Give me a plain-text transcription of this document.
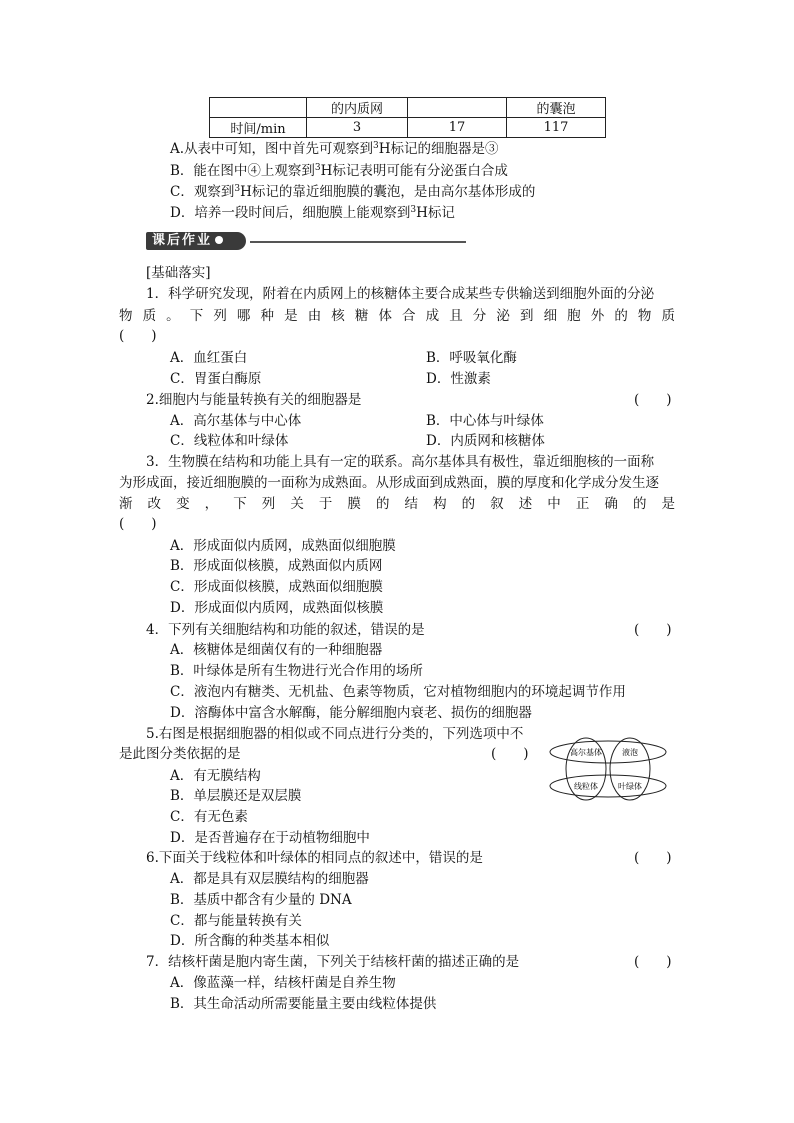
	的内质网		的囊泡
时间/min	3	17	117
A.从表中可知，图中首先可观察到$^3$H标记的细胞器是③
B．能在图中④上观察到$^3$H标记表明可能有分泌蛋白合成
C．观察到$^3$H标记的靠近细胞膜的囊泡，是由高尔基体形成的
D．培养一段时间后，细胞膜上能观察到$^3$H标记
课后作业
[基础落实]
1．科学研究发现，附着在内质网上的核糖体主要合成某些专供输送到细胞外面的分泌
物质。下列哪种是由核糖体合成且分泌到细胞外的物质
(　　)
A．血红蛋白	B．呼吸氧化酶
C．胃蛋白酶原	D．性激素
2.细胞内与能量转换有关的细胞器是	(　　)
A．高尔基体与中心体	B．中心体与叶绿体
C．线粒体和叶绿体	D．内质网和核糖体
3．生物膜在结构和功能上具有一定的联系。高尔基体具有极性，靠近细胞核的一面称
为形成面，接近细胞膜的一面称为成熟面。从形成面到成熟面，膜的厚度和化学成分发生逐
渐改变，下列关于膜的结构的叙述中正确的是
(　　)
A．形成面似内质网，成熟面似细胞膜
B．形成面似核膜，成熟面似内质网
C．形成面似核膜，成熟面似细胞膜
D．形成面似内质网，成熟面似核膜
4．下列有关细胞结构和功能的叙述，错误的是	(　　)
A．核糖体是细菌仅有的一种细胞器
B．叶绿体是所有生物进行光合作用的场所
C．液泡内有糖类、无机盐、色素等物质，它对植物细胞内的环境起调节作用
D．溶酶体中富含水解酶，能分解细胞内衰老、损伤的细胞器
5.右图是根据细胞器的相似或不同点进行分类的，下列选项中不
是此图分类依据的是	(　　)
A．有无膜结构
B．单层膜还是双层膜
C．有无色素
D．是否普遍存在于动植物细胞中
高尔基体	液泡
线粒体	叶绿体
6.下面关于线粒体和叶绿体的相同点的叙述中，错误的是	(　　)
A．都是具有双层膜结构的细胞器
B．基质中都含有少量的 DNA
C．都与能量转换有关
D．所含酶的种类基本相似
7．结核杆菌是胞内寄生菌，下列关于结核杆菌的描述正确的是	(　　)
A．像蓝藻一样，结核杆菌是自养生物
B．其生命活动所需要能量主要由线粒体提供
